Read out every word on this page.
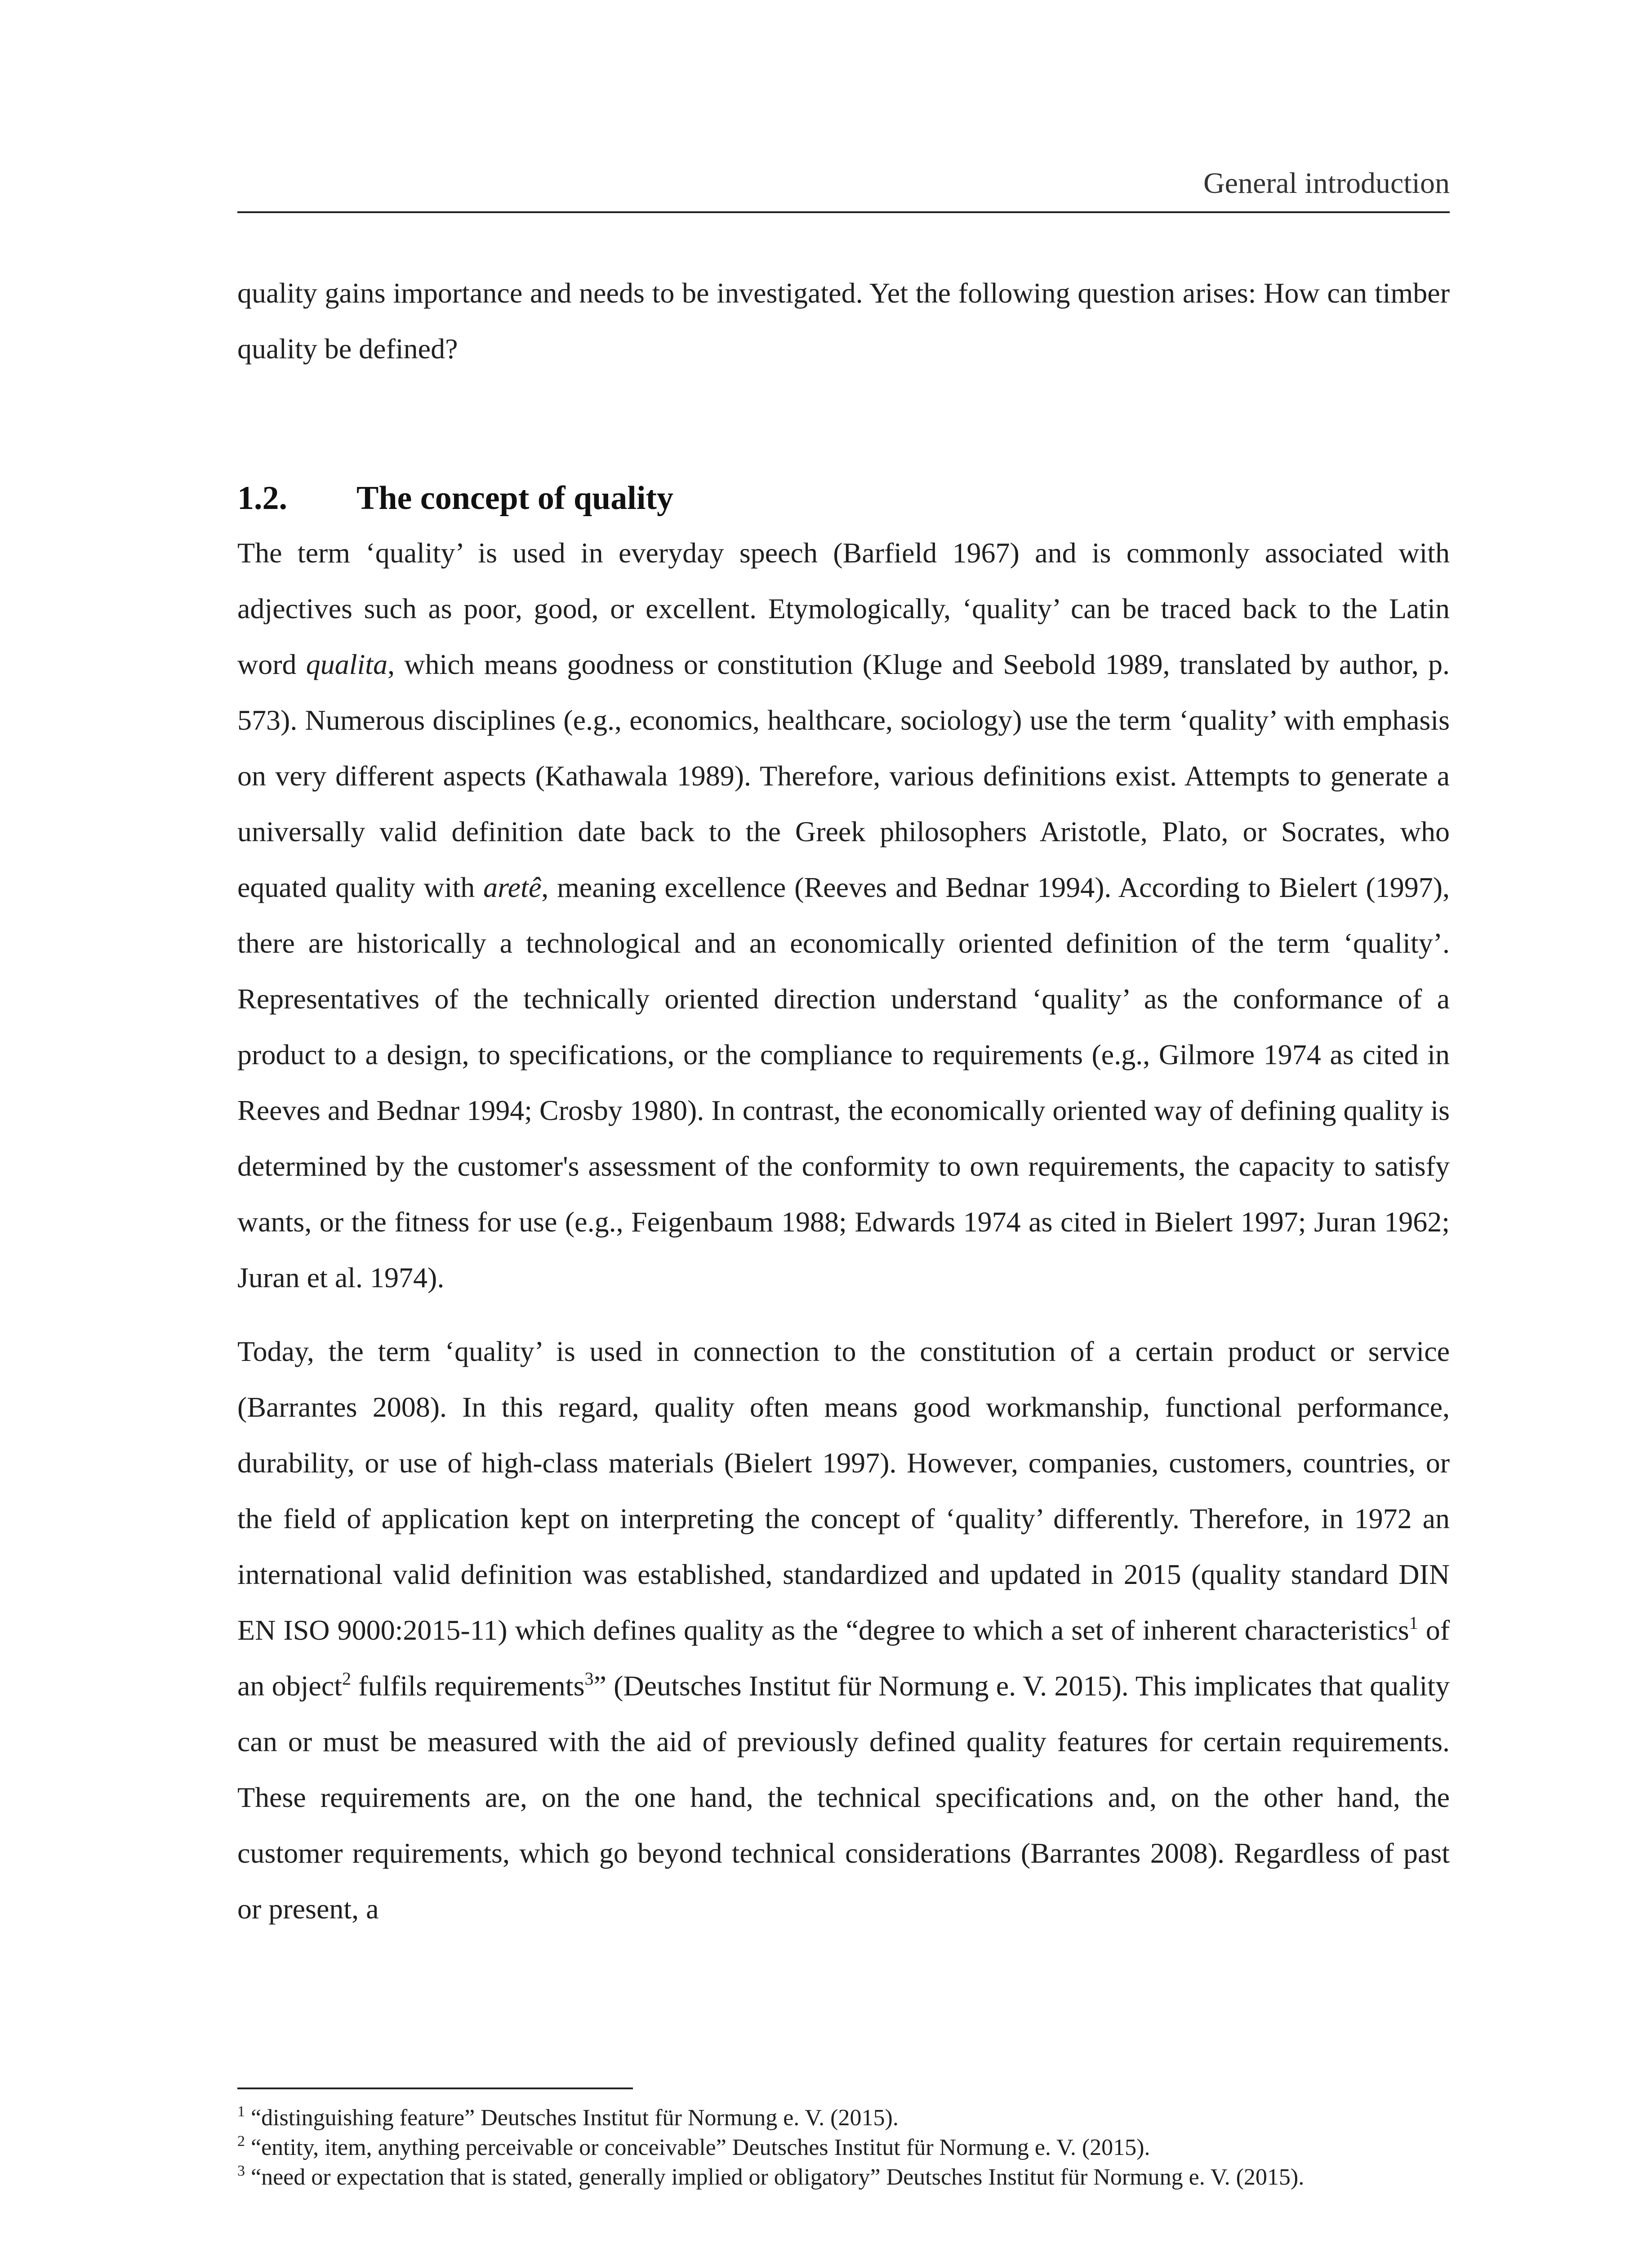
General introduction

quality gains importance and needs to be investigated. Yet the following question arises: How can timber quality be defined?

1.2.	The concept of quality

The term ‘quality’ is used in everyday speech (Barfield 1967) and is commonly associated with adjectives such as poor, good, or excellent. Etymologically, ‘quality’ can be traced back to the Latin word qualita, which means goodness or constitution (Kluge and Seebold 1989, translated by author, p. 573). Numerous disciplines (e.g., economics, healthcare, sociology) use the term ‘quality’ with emphasis on very different aspects (Kathawala 1989). Therefore, various definitions exist. Attempts to generate a universally valid definition date back to the Greek philosophers Aristotle, Plato, or Socrates, who equated quality with aretê, meaning excellence (Reeves and Bednar 1994). According to Bielert (1997), there are historically a technological and an economically oriented definition of the term ‘quality’. Representatives of the technically oriented direction understand ‘quality’ as the conformance of a product to a design, to specifications, or the compliance to requirements (e.g., Gilmore 1974 as cited in Reeves and Bednar 1994; Crosby 1980). In contrast, the economically oriented way of defining quality is determined by the customer's assessment of the conformity to own requirements, the capacity to satisfy wants, or the fitness for use (e.g., Feigenbaum 1988; Edwards 1974 as cited in Bielert 1997; Juran 1962; Juran et al. 1974).

Today, the term ‘quality’ is used in connection to the constitution of a certain product or service (Barrantes 2008). In this regard, quality often means good workmanship, functional performance, durability, or use of high-class materials (Bielert 1997). However, companies, customers, countries, or the field of application kept on interpreting the concept of ‘quality’ differently. Therefore, in 1972 an international valid definition was established, standardized and updated in 2015 (quality standard DIN EN ISO 9000:2015-11) which defines quality as the “degree to which a set of inherent characteristics$^1$ of an object$^2$ fulfils requirements$^3$” (Deutsches Institut für Normung e. V. 2015). This implicates that quality can or must be measured with the aid of previously defined quality features for certain requirements. These requirements are, on the one hand, the technical specifications and, on the other hand, the customer requirements, which go beyond technical considerations (Barrantes 2008). Regardless of past or present, a

$^1$ “distinguishing feature” Deutsches Institut für Normung e. V. (2015).

$^2$ “entity, item, anything perceivable or conceivable” Deutsches Institut für Normung e. V. (2015).

$^3$ “need or expectation that is stated, generally implied or obligatory” Deutsches Institut für Normung e. V. (2015).
